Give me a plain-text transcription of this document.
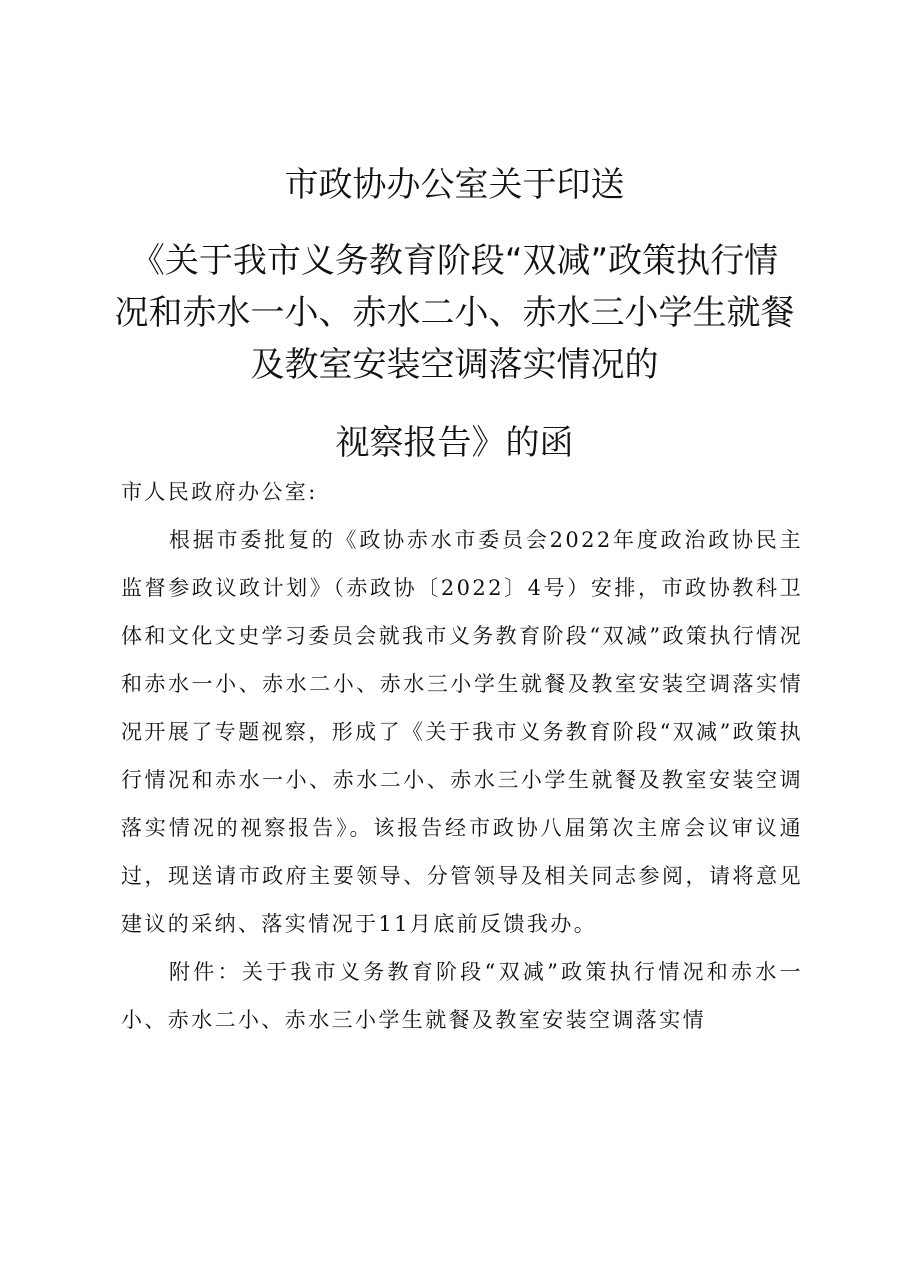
市政协办公室关于印送
《关于我市义务教育阶段“双减”政策执行情
况和赤水一小、赤水二小、赤水三小学生就餐
及教室安装空调落实情况的
视察报告》的函

市人民政府办公室:

根据市委批复的《政协赤水市委员会2022年度政治政协民主监督参政议政计划》（赤政协〔2022〕4号）安排，市政协教科卫体和文化文史学习委员会就我市义务教育阶段“双减”政策执行情况和赤水一小、赤水二小、赤水三小学生就餐及教室安装空调落实情况开展了专题视察，形成了《关于我市义务教育阶段“双减”政策执行情况和赤水一小、赤水二小、赤水三小学生就餐及教室安装空调落实情况的视察报告》。该报告经市政协八届第次主席会议审议通过，现送请市政府主要领导、分管领导及相关同志参阅，请将意见建议的采纳、落实情况于11月底前反馈我办。

附件：关于我市义务教育阶段“双减”政策执行情况和赤水一小、赤水二小、赤水三小学生就餐及教室安装空调落实情
